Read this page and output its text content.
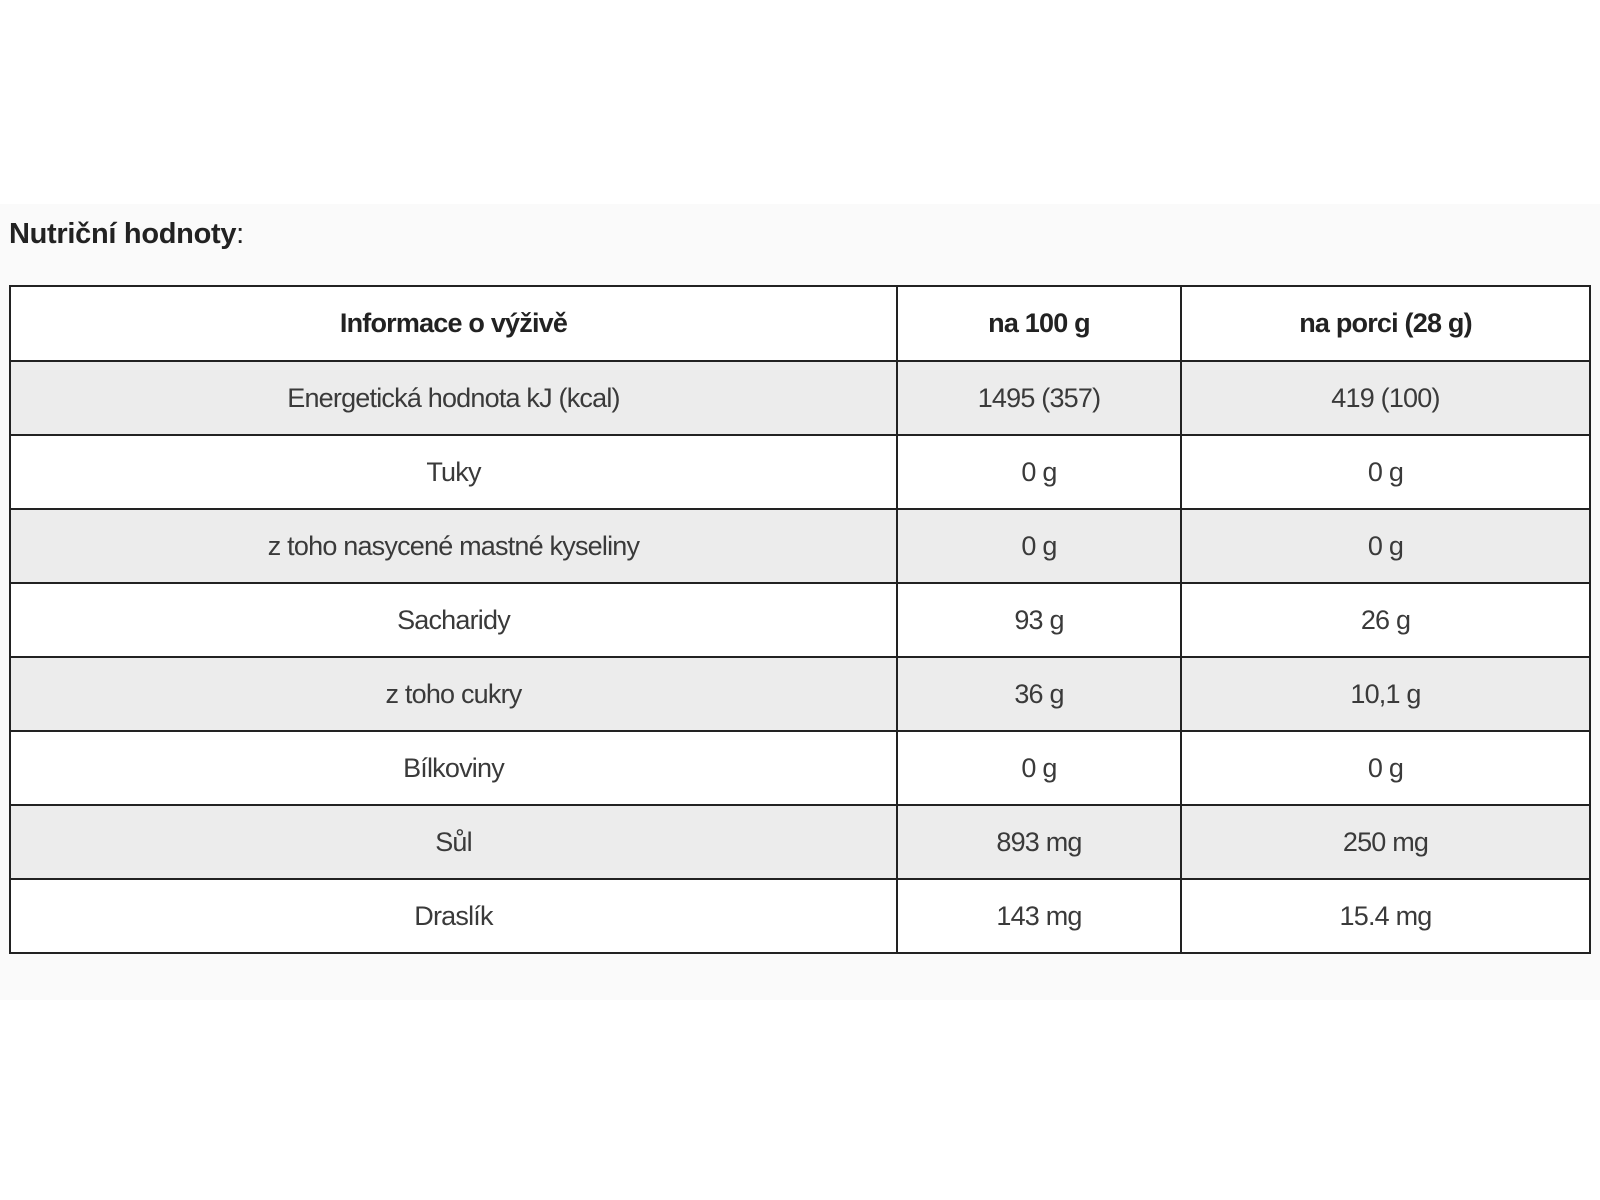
Nutriční hodnoty:
Informace o výživě	na 100 g	na porci (28 g)
Energetická hodnota kJ (kcal)	1495 (357)	419 (100)
Tuky	0 g	0 g
z toho nasycené mastné kyseliny	0 g	0 g
Sacharidy	93 g	26 g
z toho cukry	36 g	10,1 g
Bílkoviny	0 g	0 g
Sůl	893 mg	250 mg
Draslík	143 mg	15.4 mg
